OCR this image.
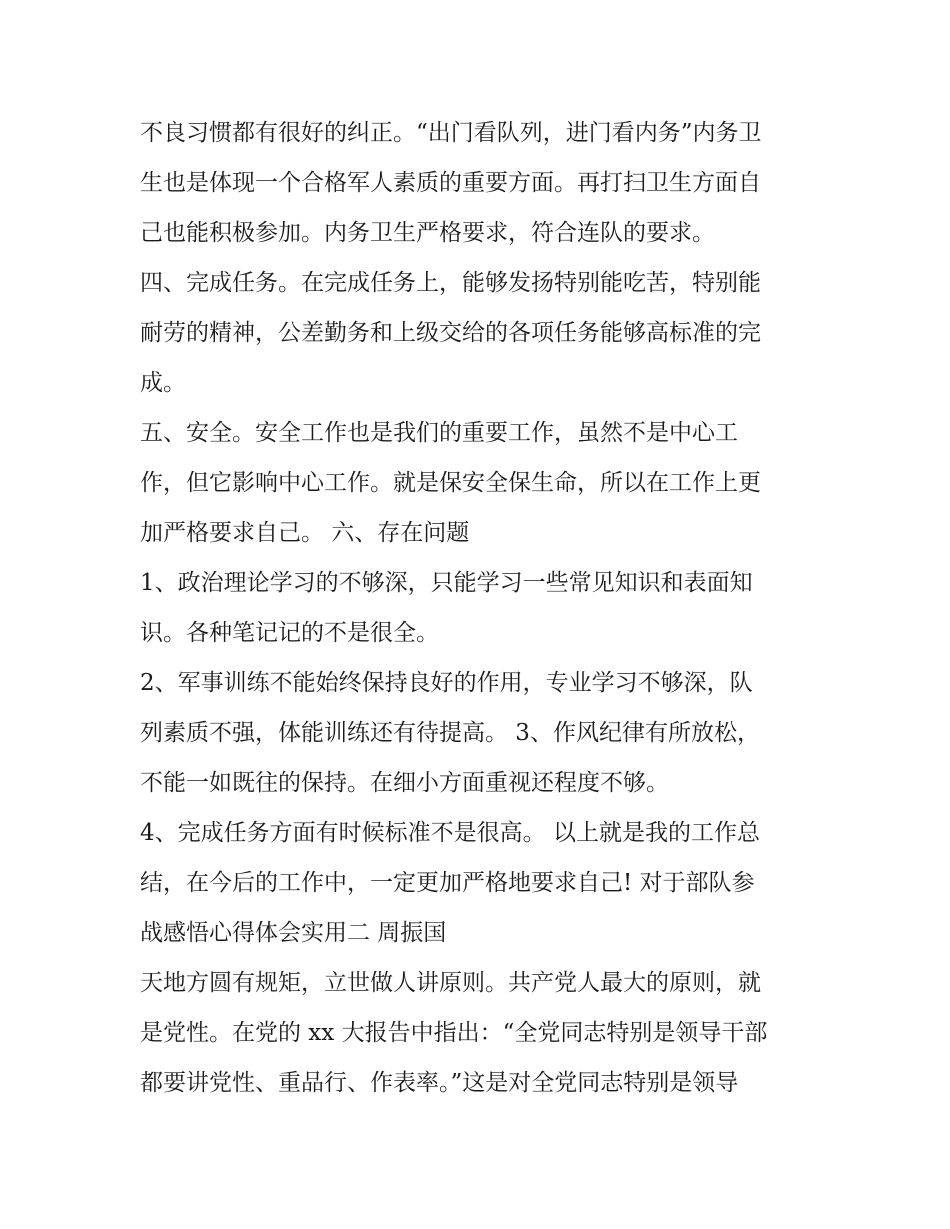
不良习惯都有很好的纠正。“出门看队列，进门看内务”内务卫
生也是体现一个合格军人素质的重要方面。再打扫卫生方面自
己也能积极参加。内务卫生严格要求，符合连队的要求。
四、完成任务。在完成任务上，能够发扬特别能吃苦，特别能
耐劳的精神，公差勤务和上级交给的各项任务能够高标准的完
成。
五、安全。安全工作也是我们的重要工作，虽然不是中心工
作，但它影响中心工作。就是保安全保生命，所以在工作上更
加严格要求自己。 六、存在问题
1、政治理论学习的不够深，只能学习一些常见知识和表面知
识。各种笔记记的不是很全。
2、军事训练不能始终保持良好的作用，专业学习不够深，队
列素质不强，体能训练还有待提高。 3、作风纪律有所放松，
不能一如既往的保持。在细小方面重视还程度不够。
4、完成任务方面有时候标准不是很高。 以上就是我的工作总
结，在今后的工作中，一定更加严格地要求自己! 对于部队参
战感悟心得体会实用二 周振国
天地方圆有规矩，立世做人讲原则。共产党人最大的原则，就
是党性。在党的 xx 大报告中指出：“全党同志特别是领导干部
都要讲党性、重品行、作表率。”这是对全党同志特别是领导
